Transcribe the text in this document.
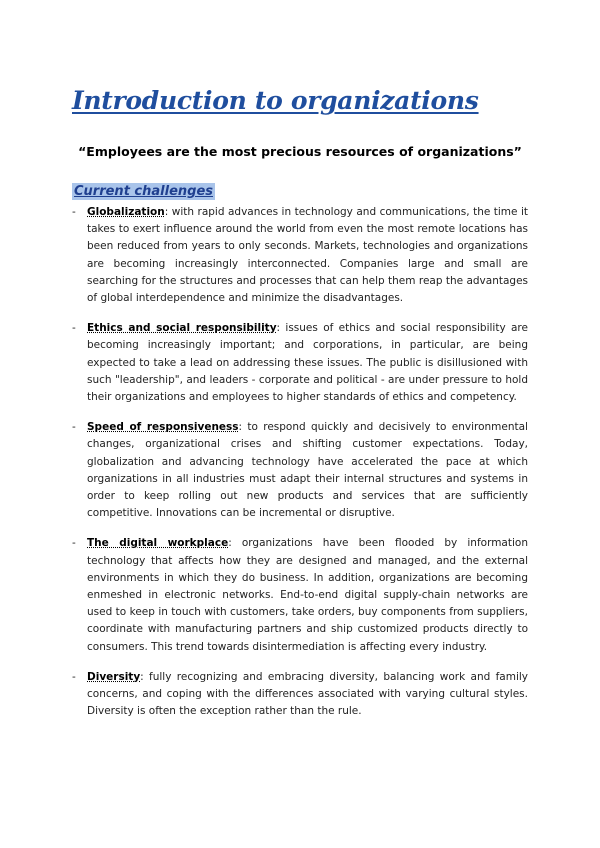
Introduction to organizations
“Employees are the most precious resources of organizations”
Current challenges
- Globalization: with rapid advances in technology and communications, the time it takes to exert influence around the world from even the most remote locations has been reduced from years to only seconds. Markets, technologies and organizations are becoming increasingly interconnected. Companies large and small are searching for the structures and processes that can help them reap the advantages of global interdependence and minimize the disadvantages.
- Ethics and social responsibility: issues of ethics and social responsibility are becoming increasingly important; and corporations, in particular, are being expected to take a lead on addressing these issues. The public is disillusioned with such "leadership", and leaders - corporate and political - are under pressure to hold their organizations and employees to higher standards of ethics and competency.
- Speed of responsiveness: to respond quickly and decisively to environmental changes, organizational crises and shifting customer expectations. Today, globalization and advancing technology have accelerated the pace at which organizations in all industries must adapt their internal structures and systems in order to keep rolling out new products and services that are sufficiently competitive. Innovations can be incremental or disruptive.
- The digital workplace: organizations have been flooded by information technology that affects how they are designed and managed, and the external environments in which they do business. In addition, organizations are becoming enmeshed in electronic networks. End-to-end digital supply-chain networks are used to keep in touch with customers, take orders, buy components from suppliers, coordinate with manufacturing partners and ship customized products directly to consumers. This trend towards disintermediation is affecting every industry.
- Diversity: fully recognizing and embracing diversity, balancing work and family concerns, and coping with the differences associated with varying cultural styles. Diversity is often the exception rather than the rule.
